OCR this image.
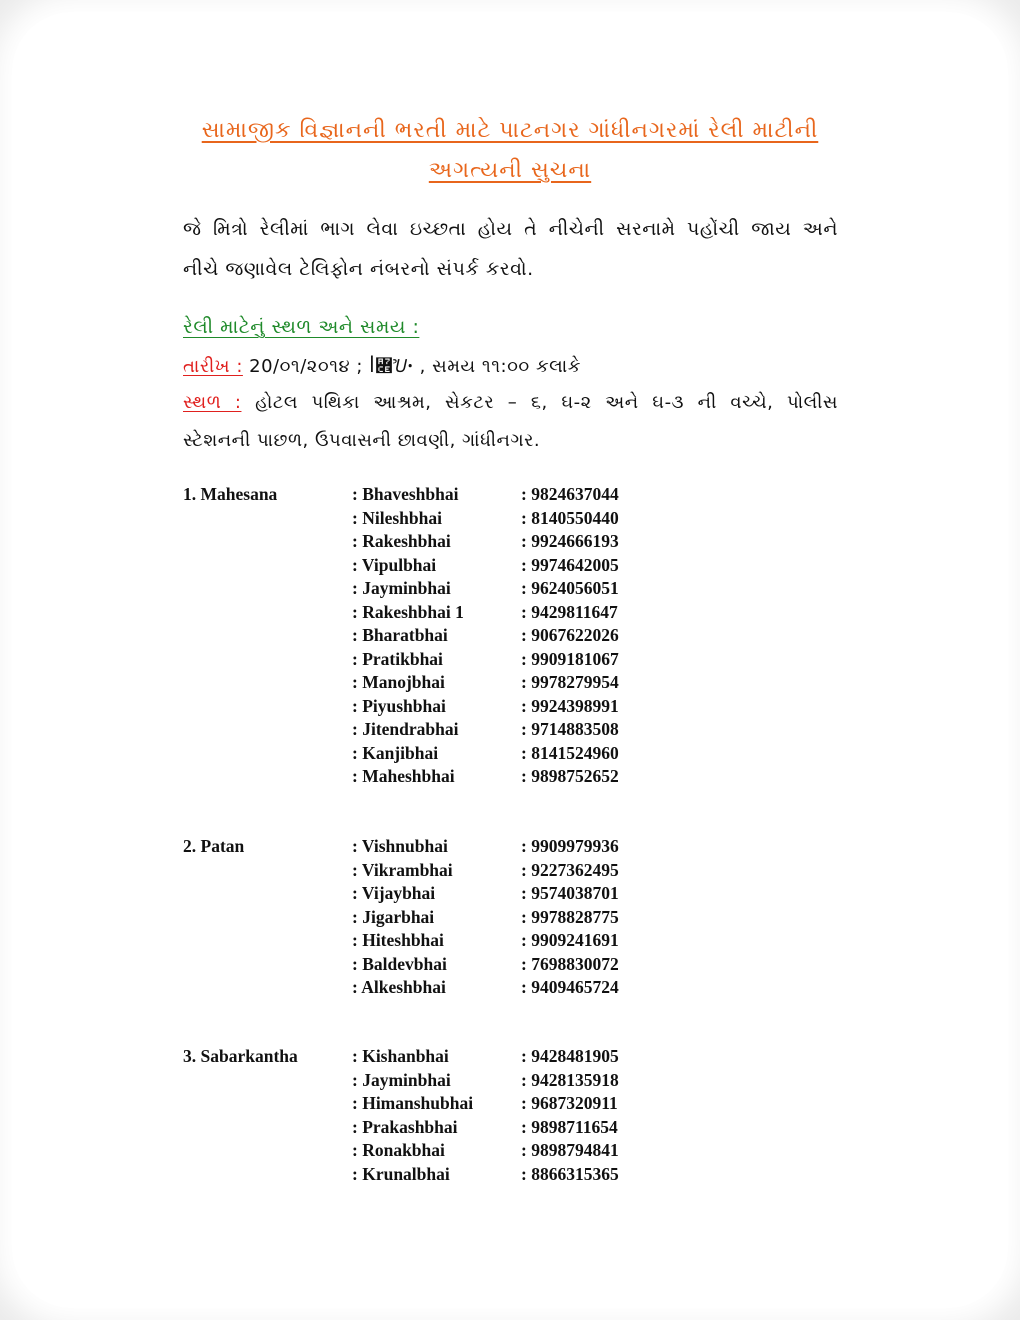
સામાજીક વિજ્ઞાનની ભરતી માટે પાટનગર ગાંધીનગરમાં રેલી માટીની
અગત્યની સુચના
જે મિત્રો રેલીમાં ભાગ લેવા ઇચ્છતા હોય તે નીચેની સરનામે પહોંચી જાય અને
નીચે જણાવેલ ટેલિફોન નંબરનો સંપર્ક કરવો.
રેલી માટેનું સ્થળ અને સમય :
તારીખ : 20/૦૧/૨૦૧૪ ; ꟾ꟎Ꞿꞏ , સમય ૧૧:૦૦ કલાકે
સ્થળ : હોટલ પથિકા આશ્રમ, સેકટર – ૬, ઘ-૨ અને ઘ-૩ ની વચ્ચે, પોલીસ
સ્ટેશનની પાછળ, ઉપવાસની છાવણી, ગાંધીનગર.
1. Mahesana	: Bhaveshbhai	: 9824637044
: Nileshbhai	: 8140550440
: Rakeshbhai	: 9924666193
: Vipulbhai	: 9974642005
: Jayminbhai	: 9624056051
: Rakeshbhai 1	: 9429811647
: Bharatbhai	: 9067622026
: Pratikbhai	: 9909181067
: Manojbhai	: 9978279954
: Piyushbhai	: 9924398991
: Jitendrabhai	: 9714883508
: Kanjibhai	: 8141524960
: Maheshbhai	: 9898752652
2. Patan	: Vishnubhai	: 9909979936
: Vikrambhai	: 9227362495
: Vijaybhai	: 9574038701
: Jigarbhai	: 9978828775
: Hiteshbhai	: 9909241691
: Baldevbhai	: 7698830072
: Alkeshbhai	: 9409465724
3. Sabarkantha	: Kishanbhai	: 9428481905
: Jayminbhai	: 9428135918
: Himanshubhai	: 9687320911
: Prakashbhai	: 9898711654
: Ronakbhai	: 9898794841
: Krunalbhai	: 8866315365
